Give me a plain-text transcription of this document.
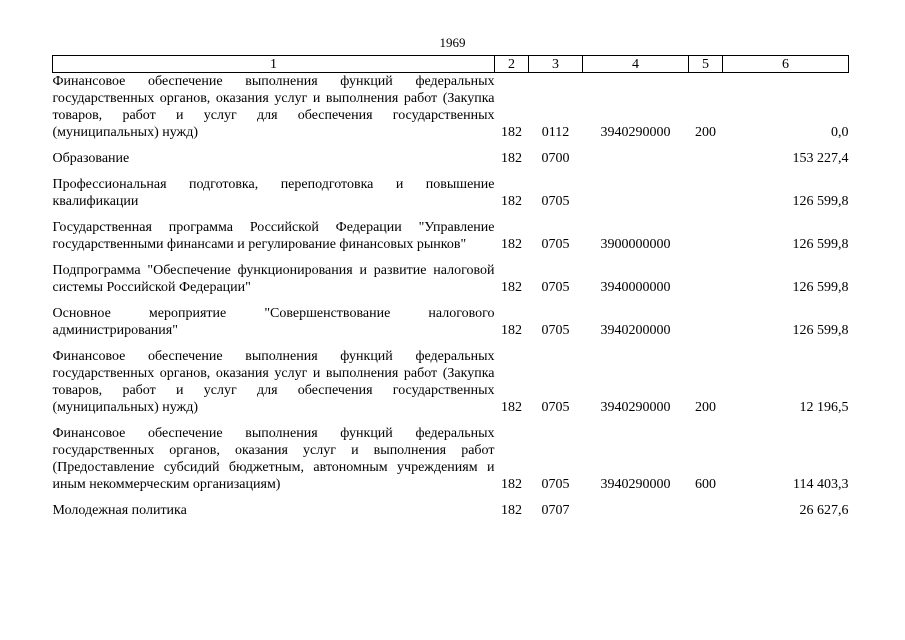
1969
1	2	3	4	5	6
Финансовое обеспечение выполнения функций федеральных государственных органов, оказания услуг и выполнения работ (Закупка товаров, работ и услуг для обеспечения государственных (муниципальных) нужд)	182	0112	3940290000	200	0,0

Образование	182	0700			153 227,4

Профессиональная подготовка, переподготовка и повышение квалификации	182	0705			126 599,8

Государственная программа Российской Федерации "Управление государственными финансами и регулирование финансовых рынков"	182	0705	3900000000		126 599,8

Подпрограмма "Обеспечение функционирования и развитие налоговой системы Российской Федерации"	182	0705	3940000000		126 599,8

Основное мероприятие "Совершенствование налогового администрирования"	182	0705	3940200000		126 599,8

Финансовое обеспечение выполнения функций федеральных государственных органов, оказания услуг и выполнения работ (Закупка товаров, работ и услуг для обеспечения государственных (муниципальных) нужд)	182	0705	3940290000	200	12 196,5

Финансовое обеспечение выполнения функций федеральных государственных органов, оказания услуг и выполнения работ (Предоставление субсидий бюджетным, автономным учреждениям и иным некоммерческим организациям)	182	0705	3940290000	600	114 403,3

Молодежная политика	182	0707			26 627,6
